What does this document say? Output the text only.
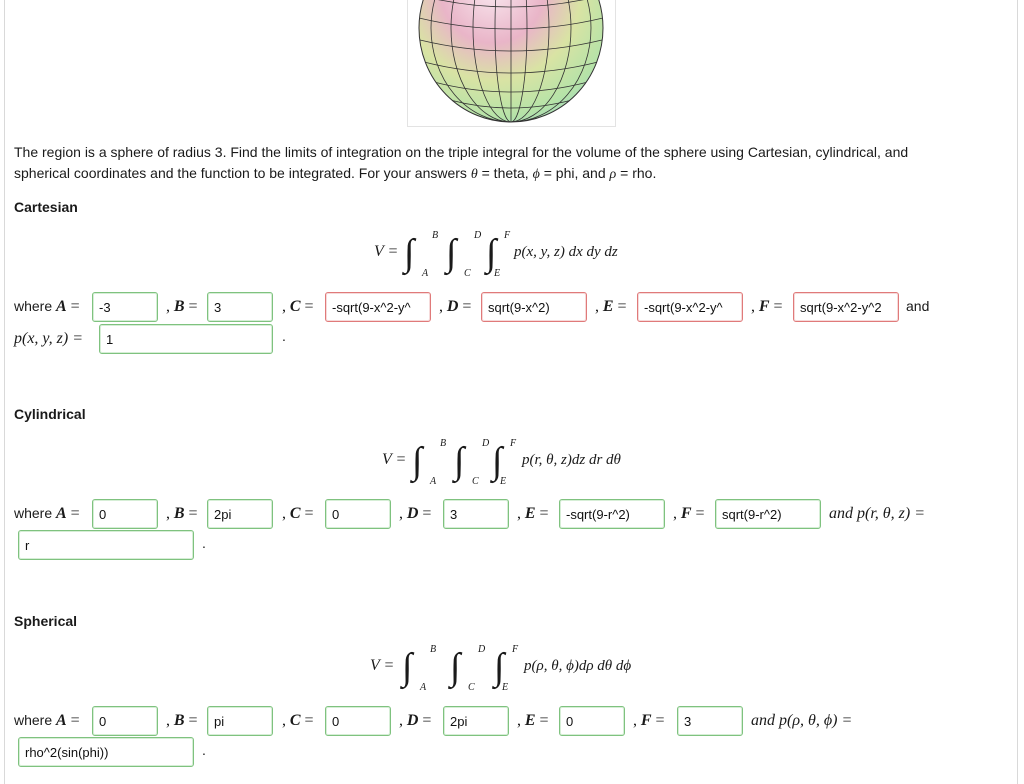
The region is a sphere of radius 3. Find the limits of integration on the triple integral for the volume of the sphere using Cartesian, cylindrical, and
spherical coordinates and the function to be integrated. For your answers θ = theta, ϕ = phi, and ρ = rho.
Cartesian
V = ∫ B
A ∫ D
C ∫ F
E
p(x, y, z) dx dy dz
where A =
-3	, B =
3	, C =
-sqrt(9-x^2-y^	, D =
sqrt(9-x^2)	, E =
-sqrt(9-x^2-y^	, F =
sqrt(9-x^2-y^2	and
p(x, y, z) =
1	.
Cylindrical
V = ∫ B
A ∫ D
C ∫ F
E
p(r, θ, z)dz dr dθ
where A =
0	, B =
2pi	, C =
0	, D =
3	, E =
-sqrt(9-r^2)	, F =
sqrt(9-r^2)	and p(r, θ, z) =
r
.
Spherical
V = ∫ B
A ∫ D
C ∫ F
E
p(ρ, θ, ϕ)dρ dθ dϕ
where A =
0	, B =
pi	, C =
0	, D =
2pi	, E =
0	, F =
3	and p(ρ, θ, ϕ) =
rho^2(sin(phi))
.
